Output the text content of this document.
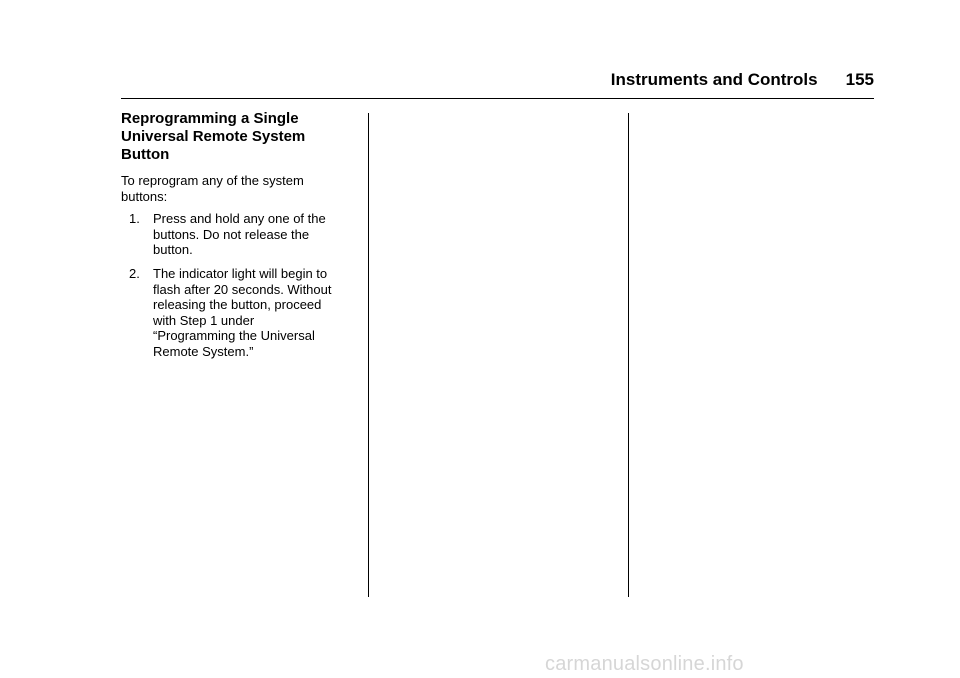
Instruments and Controls 155
Reprogramming a Single
Universal Remote System
Button

To reprogram any of the system
buttons:

1. Press and hold any one of the
buttons. Do not release the
button.
2. The indicator light will begin to
flash after 20 seconds. Without
releasing the button, proceed
with Step 1 under
“Programming the Universal
Remote System.”
carmanualsonline.info
